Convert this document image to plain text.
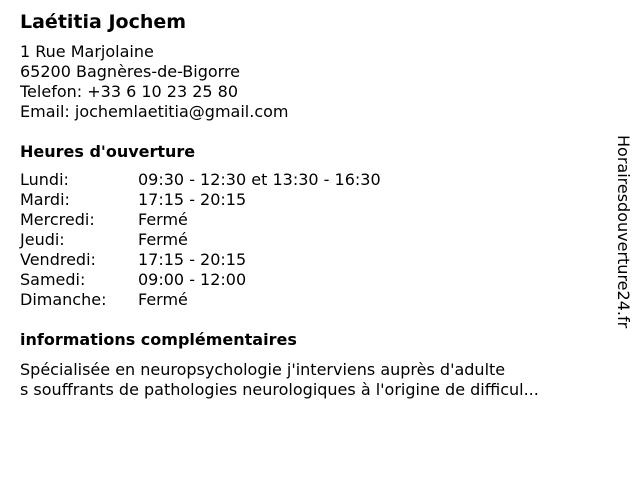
Laétitia Jochem
1 Rue Marjolaine
65200 Bagnères-de-Bigorre
Telefon: +33 6 10 23 25 80
Email: jochemlaetitia@gmail.com
Heures d'ouverture
Lundi:	09:30 - 12:30 et 13:30 - 16:30
Mardi:	17:15 - 20:15
Mercredi:	Fermé
Jeudi:	Fermé
Vendredi:	17:15 - 20:15
Samedi:	09:00 - 12:00
Dimanche:	Fermé
informations complémentaires
Spécialisée en neuropsychologie j'interviens auprès d'adulte
s souffrants de pathologies neurologiques à l'origine de difficul...
Horairesdouverture24.fr
